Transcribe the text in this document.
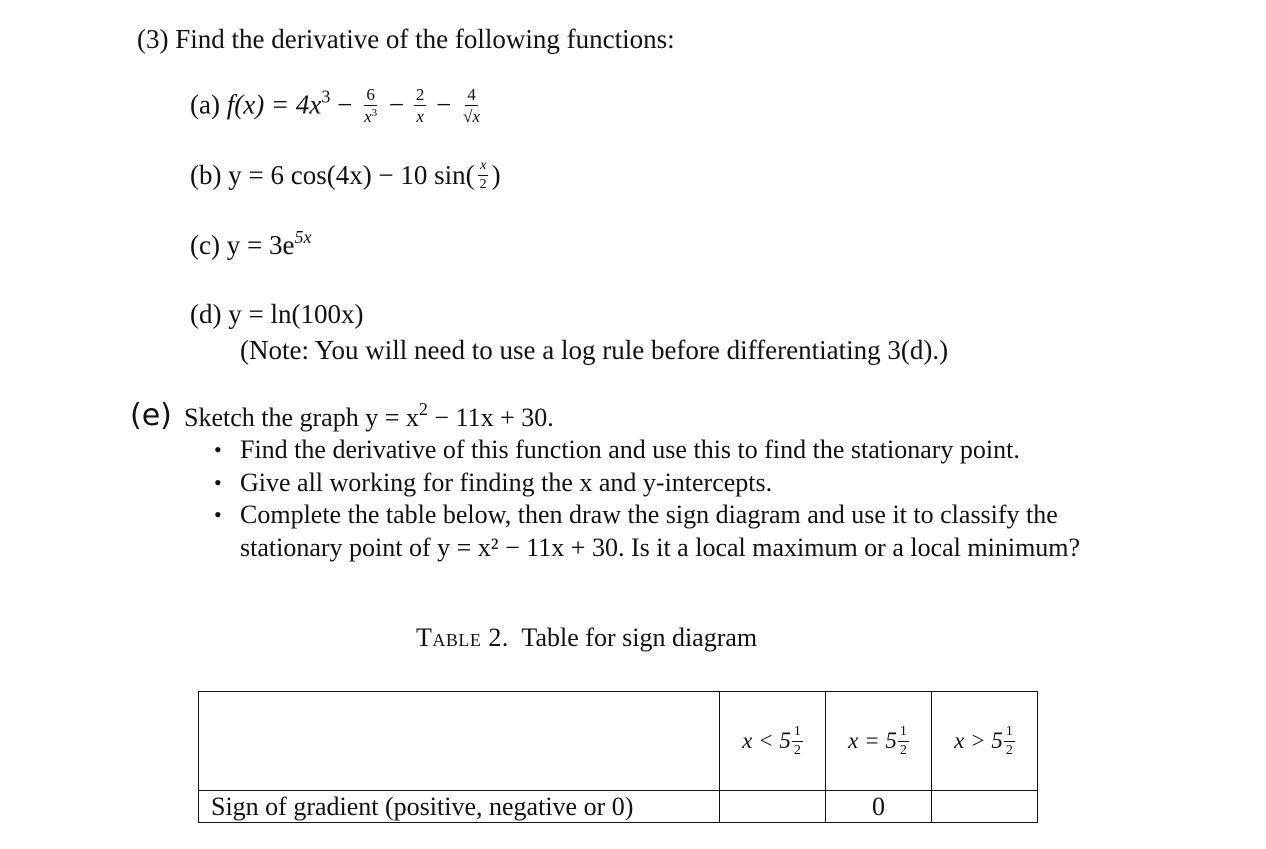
(3) Find the derivative of the following functions:
(a) $f(x) = 4x^3 - \frac{6}{x^3} - \frac{2}{x} - \frac{4}{√x}$
(b) y = 6 cos(4x) − 10 $\sin( \frac{x}{2}$ )
(c) $y = 3e^{5x}$
(d) y = ln(100x)
(Note: You will need to use a log rule before differentiating 3(d).)
(e) Sketch the graph $y = x^2 - 11x + 30$.
• Find the derivative of this function and use this to find the stationary point.
• Give all working for finding the x and y-intercepts.
• Complete the table below, then draw the sign diagram and use it to classify the stationary point of y = x² − 11x + 30. Is it a local maximum or a local minimum?
Table 2. Table for sign diagram

	$x < 5 \frac{1}{2}$	$x = 5 \frac{1}{2}$	$x > 5 \frac{1}{2}$

Sign of gradient (positive, negative or 0)		0	
